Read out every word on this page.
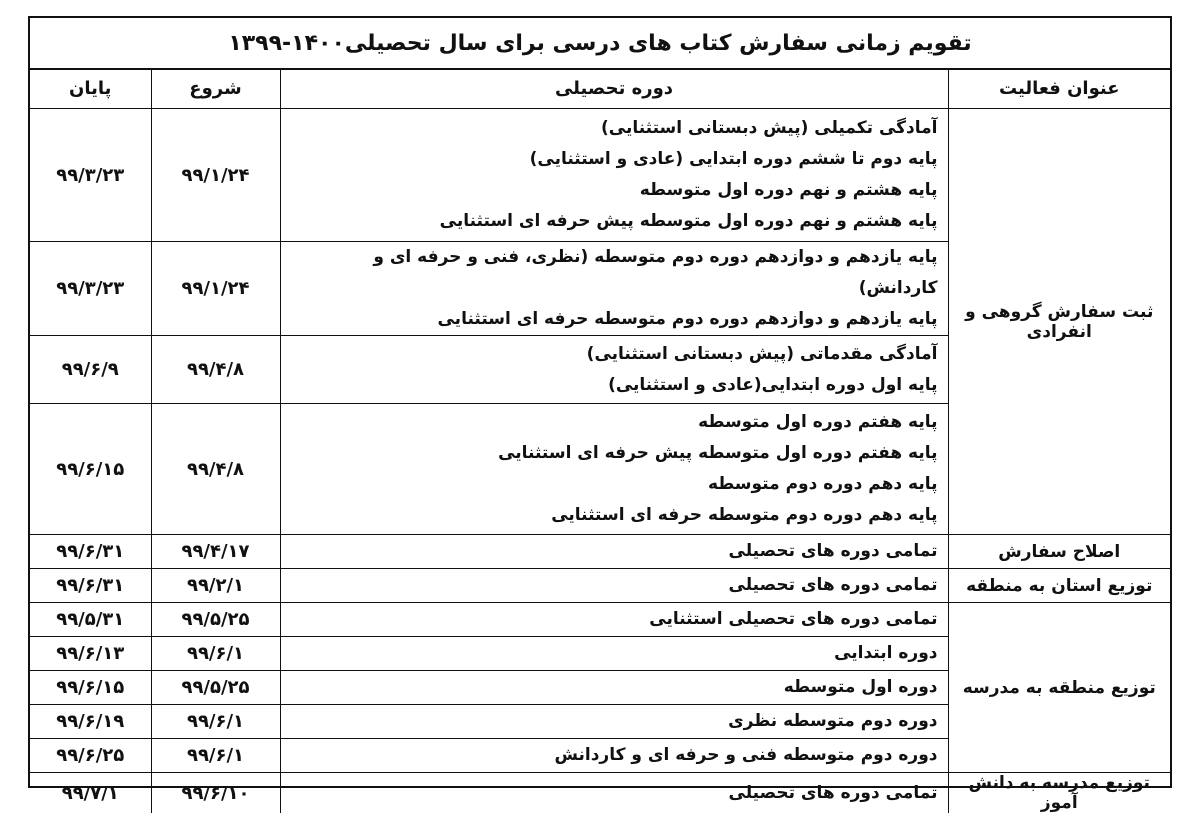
تقویم زمانی سفارش کتاب های درسی برای سال تحصیلی۱۴۰۰-۱۳۹۹
عنوان فعالیت	دوره تحصیلی	شروع	پایان
ثبت سفارش گروهی و انفرادی	آمادگی تکمیلی (پیش دبستانی استثنایی)
پایه دوم تا ششم دوره ابتدایی (عادی و استثنایی)
پایه هشتم و نهم دوره اول متوسطه
پایه هشتم و نهم دوره اول متوسطه پیش حرفه ای استثنایی	۹۹/۱/۲۴	۹۹/۳/۲۳

	پایه یازدهم و دوازدهم دوره دوم متوسطه (نظری، فنی و حرفه ای و کاردانش)
پایه یازدهم و دوازدهم دوره دوم متوسطه حرفه ای استثنایی	۹۹/۱/۲۴	۹۹/۳/۲۳

	آمادگی مقدماتی (پیش دبستانی استثنایی)
پایه اول دوره ابتدایی(عادی و استثنایی)	۹۹/۴/۸	۹۹/۶/۹

	پایه هفتم دوره اول متوسطه
پایه هفتم دوره اول متوسطه پیش حرفه ای استثنایی
پایه دهم دوره دوم متوسطه
پایه دهم دوره دوم متوسطه حرفه ای استثنایی	۹۹/۴/۸	۹۹/۶/۱۵
اصلاح سفارش	تمامی دوره های تحصیلی	۹۹/۴/۱۷	۹۹/۶/۳۱
توزیع استان به منطقه	تمامی دوره های تحصیلی	۹۹/۲/۱	۹۹/۶/۳۱
توزیع منطقه به مدرسه	تمامی دوره های تحصیلی استثنایی	۹۹/۵/۲۵	۹۹/۵/۳۱

	دوره ابتدایی	۹۹/۶/۱	۹۹/۶/۱۳

	دوره اول متوسطه	۹۹/۵/۲۵	۹۹/۶/۱۵

	دوره دوم متوسطه نظری	۹۹/۶/۱	۹۹/۶/۱۹

	دوره دوم متوسطه فنی و حرفه ای و کاردانش	۹۹/۶/۱	۹۹/۶/۲۵
توزیع مدرسه به دانش آموز	تمامی دوره های تحصیلی	۹۹/۶/۱۰	۹۹/۷/۱
